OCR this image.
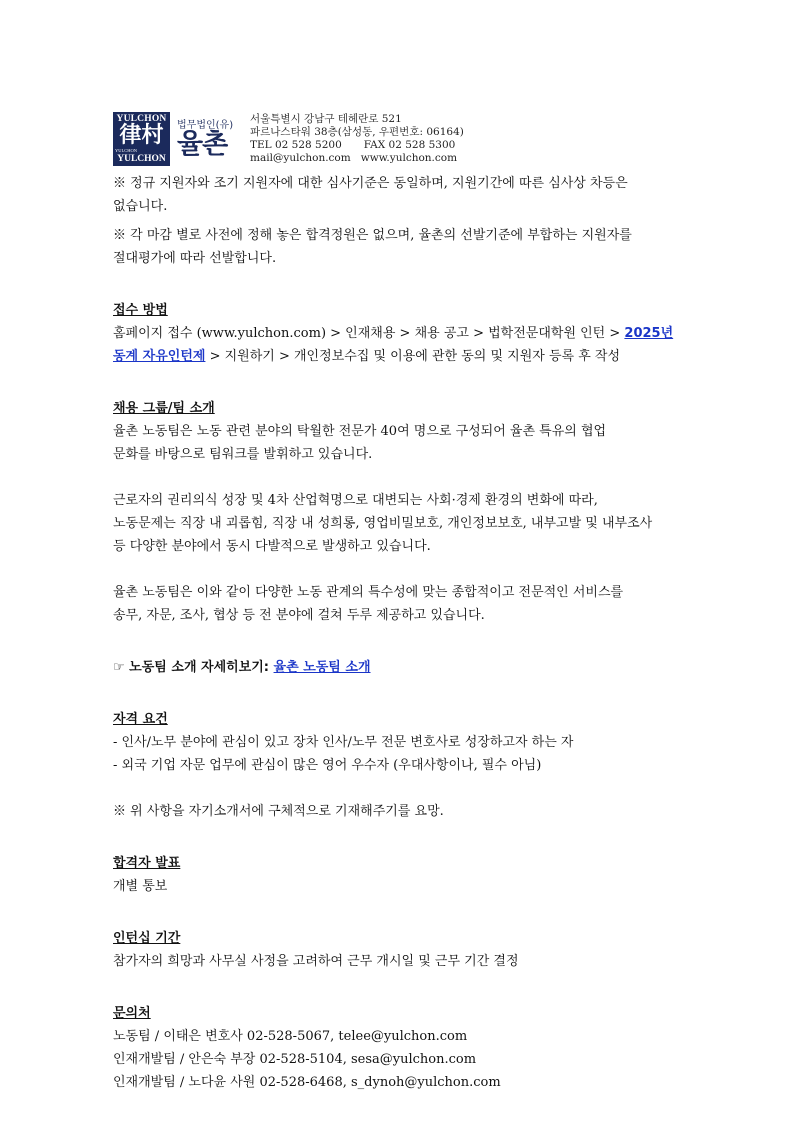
YULCHON
律村
YULCHON
YULCHON
법무법인(유)
율촌
서울특별시 강남구 테헤란로 521
파르나스타워 38층(삼성동, 우편번호: 06164)
TEL 02 528 5200 FAX 02 528 5300
mail@yulchon.com www.yulchon.com

※ 정규 지원자와 조기 지원자에 대한 심사기준은 동일하며, 지원기간에 따른 심사상 차등은

없습니다.

※ 각 마감 별로 사전에 정해 놓은 합격정원은 없으며, 율촌의 선발기준에 부합하는 지원자를

절대평가에 따라 선발합니다.

접수 방법

홈페이지 접수 (www.yulchon.com) > 인재채용 > 채용 공고 > 법학전문대학원 인턴 > 2025년

동계 자유인턴제 > 지원하기 > 개인정보수집 및 이용에 관한 동의 및 지원자 등록 후 작성

채용 그룹/팀 소개

율촌 노동팀은 노동 관련 분야의 탁월한 전문가 40여 명으로 구성되어 율촌 특유의 협업

문화를 바탕으로 팀워크를 발휘하고 있습니다.

근로자의 권리의식 성장 및 4차 산업혁명으로 대변되는 사회·경제 환경의 변화에 따라,

노동문제는 직장 내 괴롭힘, 직장 내 성희롱, 영업비밀보호, 개인정보보호, 내부고발 및 내부조사

등 다양한 분야에서 동시 다발적으로 발생하고 있습니다.

율촌 노동팀은 이와 같이 다양한 노동 관계의 특수성에 맞는 종합적이고 전문적인 서비스를

송무, 자문, 조사, 협상 등 전 분야에 걸쳐 두루 제공하고 있습니다.

☞ 노동팀 소개 자세히보기: 율촌 노동팀 소개

자격 요건

- 인사/노무 분야에 관심이 있고 장차 인사/노무 전문 변호사로 성장하고자 하는 자

- 외국 기업 자문 업무에 관심이 많은 영어 우수자 (우대사항이나, 필수 아님)

※ 위 사항을 자기소개서에 구체적으로 기재해주기를 요망.

합격자 발표

개별 통보

인턴십 기간

참가자의 희망과 사무실 사정을 고려하여 근무 개시일 및 근무 기간 결정

문의처

노동팀 / 이태은 변호사 02-528-5067, telee@yulchon.com

인재개발팀 / 안은숙 부장 02-528-5104, sesa@yulchon.com

인재개발팀 / 노다윤 사원 02-528-6468, s_dynoh@yulchon.com
